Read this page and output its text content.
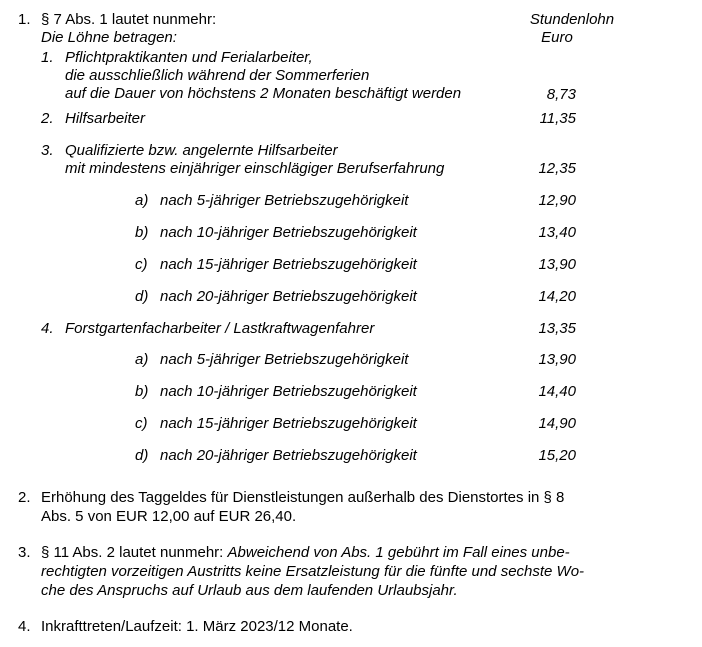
1. § 7 Abs. 1 lautet nunmehr:
Die Löhne betragen:
Stundenlohn
Euro
1. Pflichtpraktikanten und Ferialarbeiter,
die ausschließlich während der Sommerferien
auf die Dauer von höchstens 2 Monaten beschäftigt werden	8,73
2. Hilfsarbeiter	11,35
3. Qualifizierte bzw. angelernte Hilfsarbeiter
mit mindestens einjähriger einschlägiger Berufserfahrung	12,35
a) nach 5-jähriger Betriebszugehörigkeit	12,90
b) nach 10-jähriger Betriebszugehörigkeit	13,40
c) nach 15-jähriger Betriebszugehörigkeit	13,90
d) nach 20-jähriger Betriebszugehörigkeit	14,20
4. Forstgartenfacharbeiter / Lastkraftwagenfahrer	13,35
a) nach 5-jähriger Betriebszugehörigkeit	13,90
b) nach 10-jähriger Betriebszugehörigkeit	14,40
c) nach 15-jähriger Betriebszugehörigkeit	14,90
d) nach 20-jähriger Betriebszugehörigkeit	15,20
2. Erhöhung des Taggeldes für Dienstleistungen außerhalb des Dienstortes in § 8
Abs. 5 von EUR 12,00 auf EUR 26,40.
3. § 11 Abs. 2 lautet nunmehr: Abweichend von Abs. 1 gebührt im Fall eines unbe-
rechtigten vorzeitigen Austritts keine Ersatzleistung für die fünfte und sechste Wo-
che des Anspruchs auf Urlaub aus dem laufenden Urlaubsjahr.
4. Inkrafttreten/Laufzeit: 1. März 2023/12 Monate.
